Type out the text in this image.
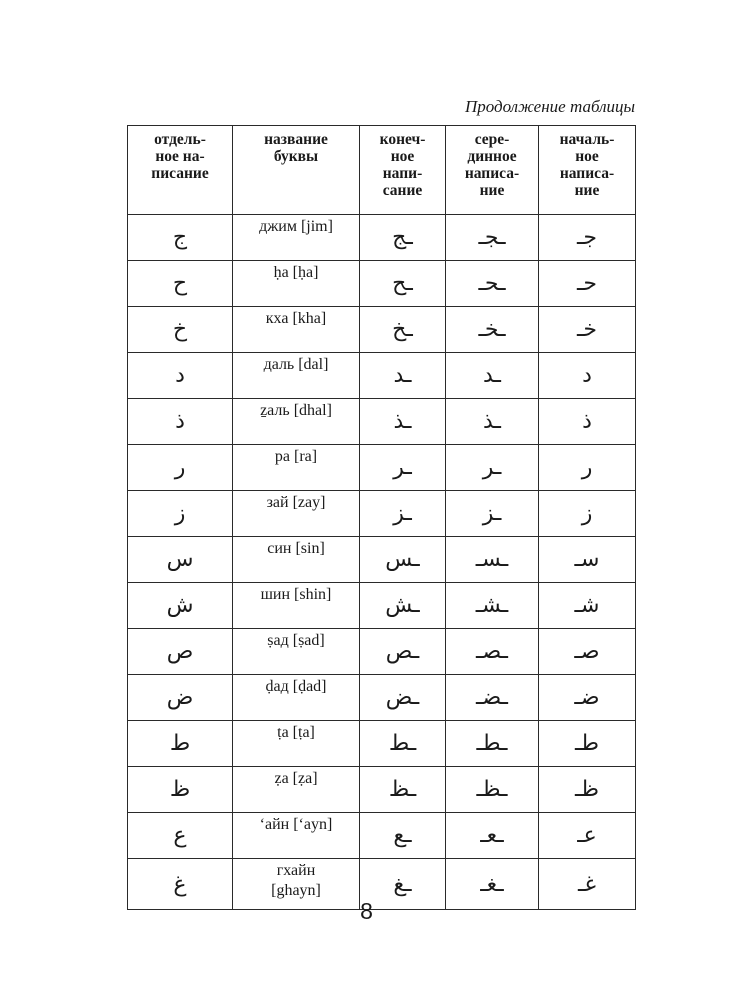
Продолжение таблицы

отдель-
ное на-
писание	название
буквы	конеч-
ное
напи-
сание	сере-
динное
написа-
ние	началь-
ное
написа-
ние
ج	джим [jim]	ـج	ـجـ	جـ
ح	ḥа [ḥa]	ـح	ـحـ	حـ
خ	кха [kha]	ـخ	ـخـ	خـ
د	даль [dal]	ـد	ـد	د
ذ	ẕаль [dhal]	ـذ	ـذ	ذ
ر	ра [ra]	ـر	ـر	ر
ز	зай [zay]	ـز	ـز	ز
س	син [sin]	ـس	ـسـ	سـ
ش	шин [shin]	ـش	ـشـ	شـ
ص	ṣад [ṣad]	ـص	ـصـ	صـ
ض	ḍад [ḍad]	ـض	ـضـ	ضـ
ط	ṭа [ṭa]	ـط	ـطـ	طـ
ظ	ẓа [ẓa]	ـظ	ـظـ	ظـ
ع	‘айн [‘ayn]	ـع	ـعـ	عـ
غ	гхайн
[ghayn]	ـغ	ـغـ	غـ

8
